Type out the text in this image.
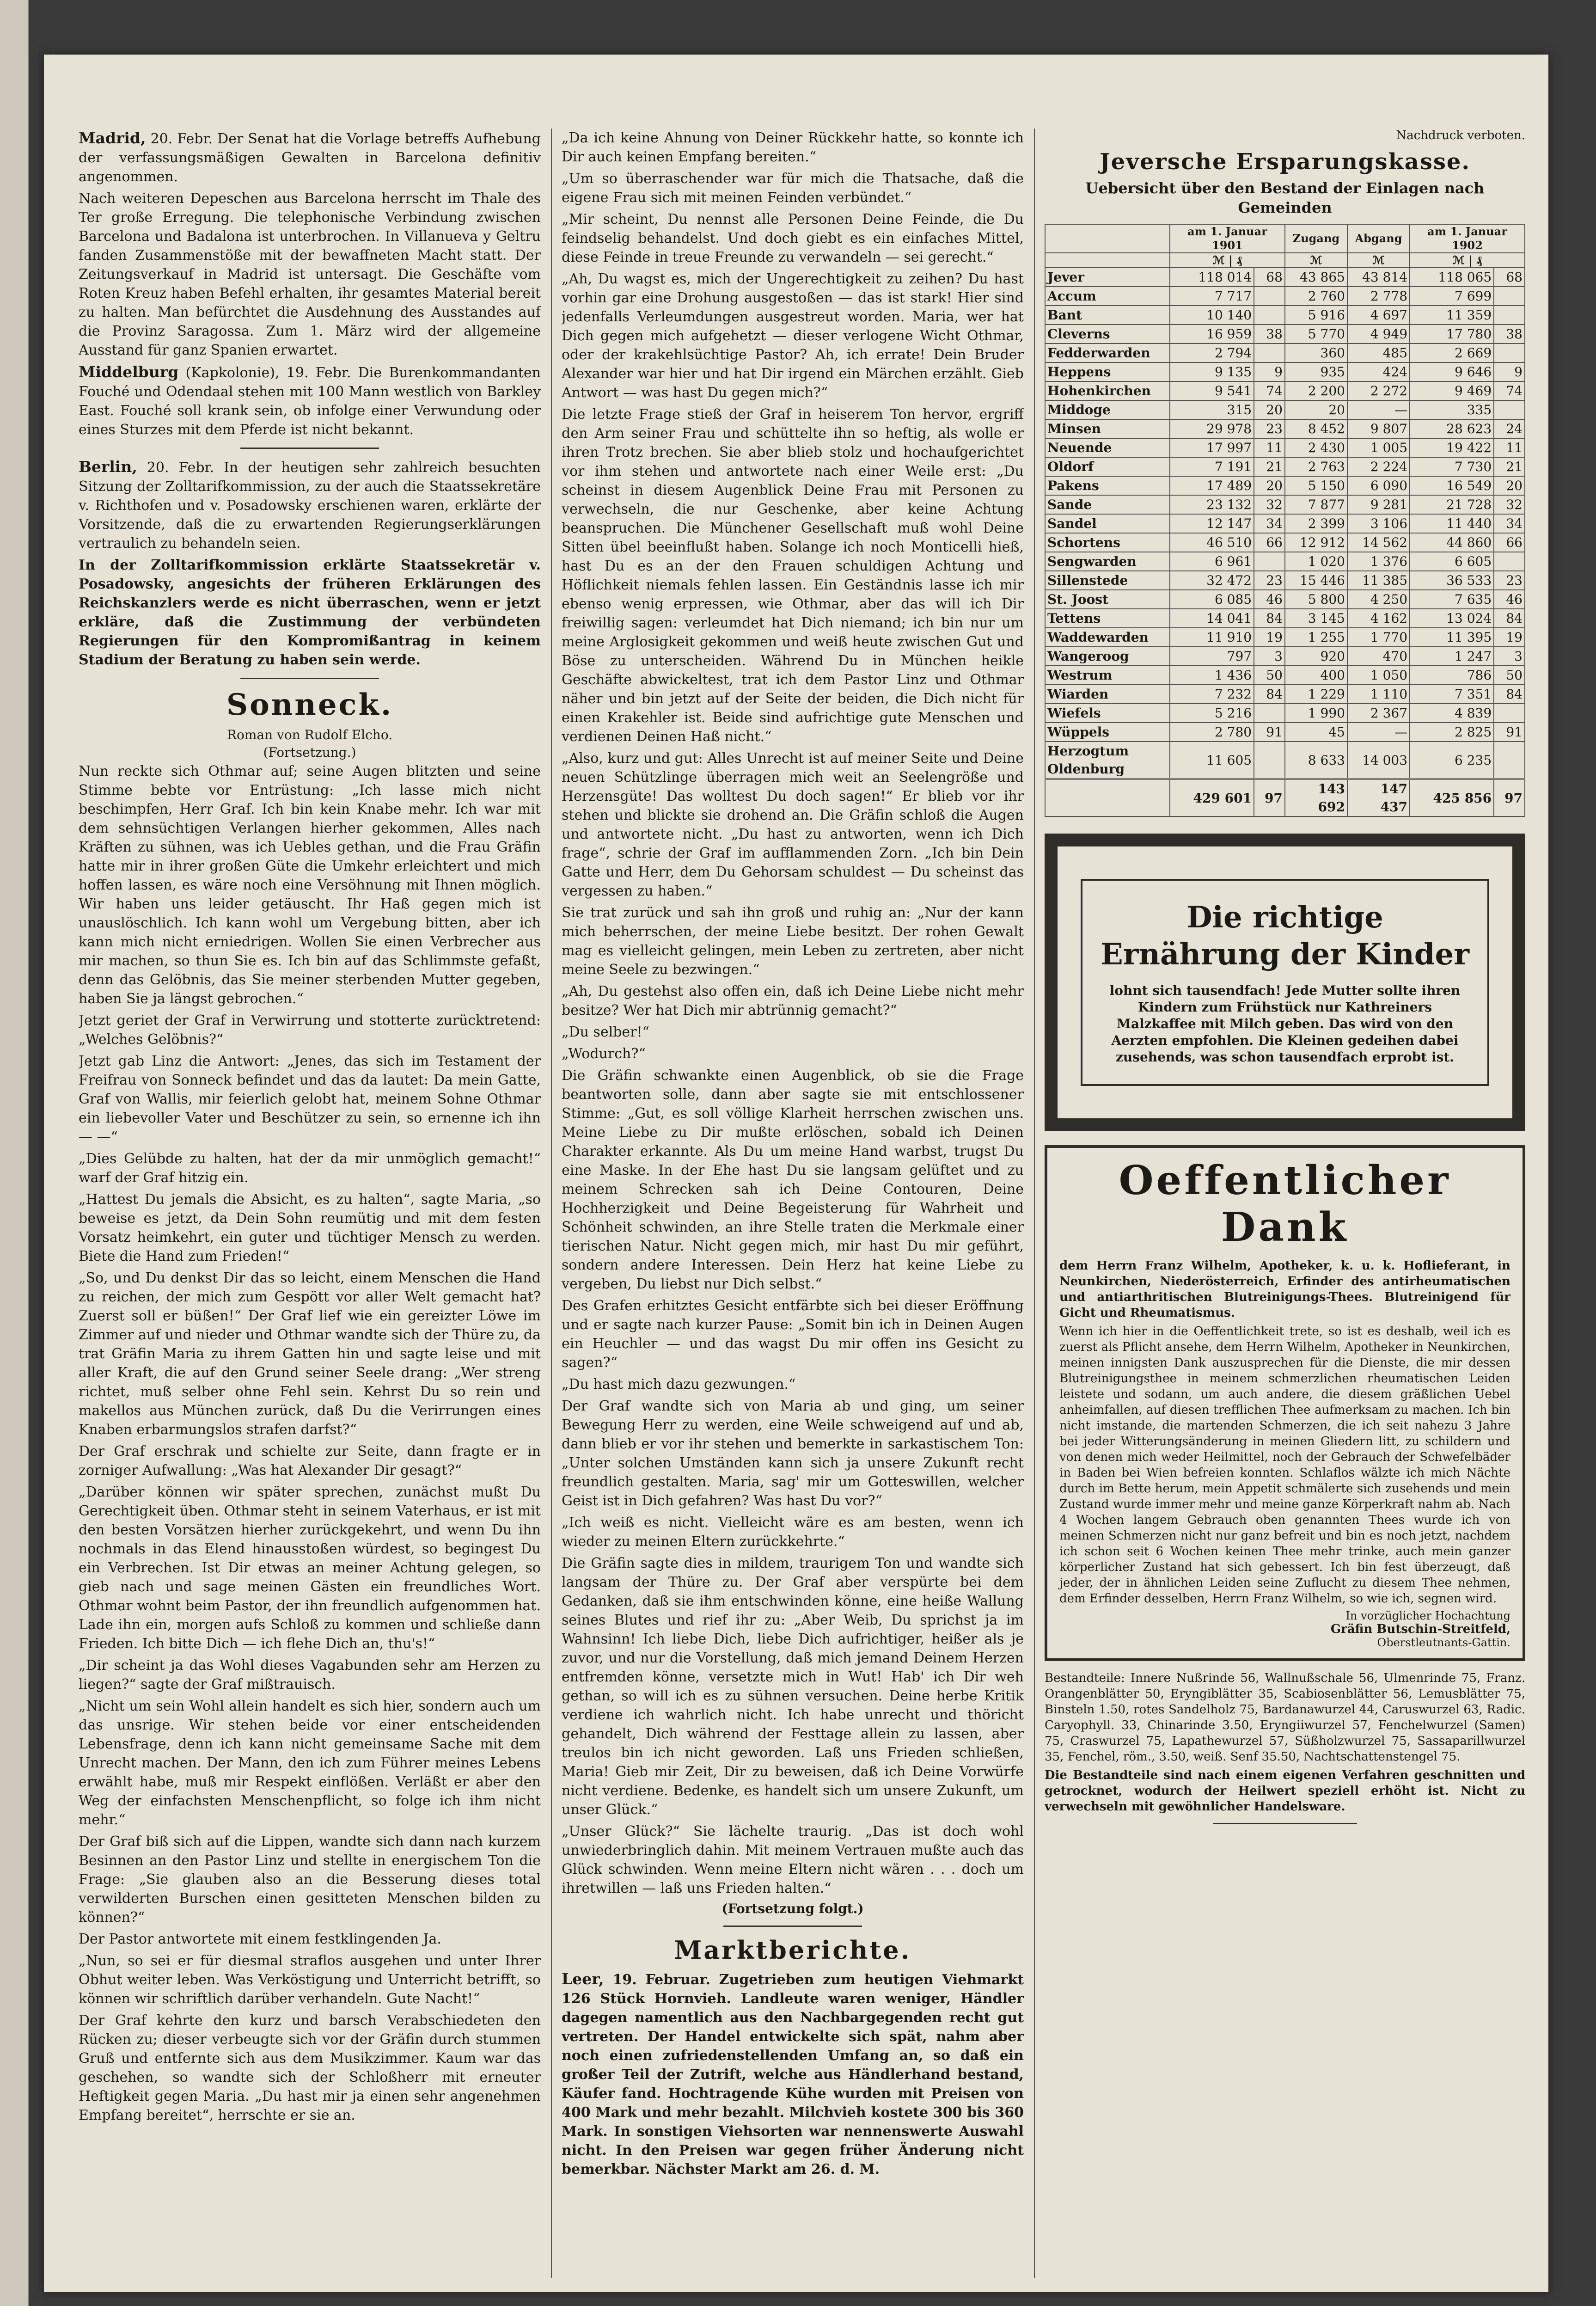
Madrid, 20. Febr. Der Senat hat die Vorlage betreffs Aufhebung der verfassungsmäßigen Gewalten in Barcelona definitiv angenommen.

Nach weiteren Depeschen aus Barcelona herrscht im Thale des Ter große Erregung. Die telephonische Verbindung zwischen Barcelona und Badalona ist unterbrochen. In Villanueva y Geltru fanden Zusammenstöße mit der bewaffneten Macht statt. Der Zeitungsverkauf in Madrid ist untersagt. Die Geschäfte vom Roten Kreuz haben Befehl erhalten, ihr gesamtes Material bereit zu halten. Man befürchtet die Ausdehnung des Ausstandes auf die Provinz Saragossa. Zum 1. März wird der allgemeine Ausstand für ganz Spanien erwartet.

Middelburg (Kapkolonie), 19. Febr. Die Burenkommandanten Fouché und Odendaal stehen mit 100 Mann westlich von Barkley East. Fouché soll krank sein, ob infolge einer Verwundung oder eines Sturzes mit dem Pferde ist nicht bekannt.

Berlin, 20. Febr. In der heutigen sehr zahlreich besuchten Sitzung der Zolltarifkommission, zu der auch die Staatssekretäre v. Richthofen und v. Posadowsky erschienen waren, erklärte der Vorsitzende, daß die zu erwartenden Regierungserklärungen vertraulich zu behandeln seien.

In der Zolltarifkommission erklärte Staatssekretär v. Posadowsky, angesichts der früheren Erklärungen des Reichskanzlers werde es nicht überraschen, wenn er jetzt erkläre, daß die Zustimmung der verbündeten Regierungen für den Kompromißantrag in keinem Stadium der Beratung zu haben sein werde.

Sonneck.
Roman von Rudolf Elcho.
(Fortsetzung.)

Nun reckte sich Othmar auf; seine Augen blitzten und seine Stimme bebte vor Entrüstung: „Ich lasse mich nicht beschimpfen, Herr Graf. Ich bin kein Knabe mehr. Ich war mit dem sehnsüchtigen Verlangen hierher gekommen, Alles nach Kräften zu sühnen, was ich Uebles gethan, und die Frau Gräfin hatte mir in ihrer großen Güte die Umkehr erleichtert und mich hoffen lassen, es wäre noch eine Versöhnung mit Ihnen möglich. Wir haben uns leider getäuscht. Ihr Haß gegen mich ist unauslöschlich. Ich kann wohl um Vergebung bitten, aber ich kann mich nicht erniedrigen. Wollen Sie einen Verbrecher aus mir machen, so thun Sie es. Ich bin auf das Schlimmste gefaßt, denn das Gelöbnis, das Sie meiner sterbenden Mutter gegeben, haben Sie ja längst gebrochen.“

Jetzt geriet der Graf in Verwirrung und stotterte zurücktretend: „Welches Gelöbnis?“

Jetzt gab Linz die Antwort: „Jenes, das sich im Testament der Freifrau von Sonneck befindet und das da lautet: Da mein Gatte, Graf von Wallis, mir feierlich gelobt hat, meinem Sohne Othmar ein liebevoller Vater und Beschützer zu sein, so ernenne ich ihn — —“

„Dies Gelübde zu halten, hat der da mir unmöglich gemacht!“ warf der Graf hitzig ein.

„Hattest Du jemals die Absicht, es zu halten“, sagte Maria, „so beweise es jetzt, da Dein Sohn reumütig und mit dem festen Vorsatz heimkehrt, ein guter und tüchtiger Mensch zu werden. Biete die Hand zum Frieden!“

„So, und Du denkst Dir das so leicht, einem Menschen die Hand zu reichen, der mich zum Gespött vor aller Welt gemacht hat? Zuerst soll er büßen!“ Der Graf lief wie ein gereizter Löwe im Zimmer auf und nieder und Othmar wandte sich der Thüre zu, da trat Gräfin Maria zu ihrem Gatten hin und sagte leise und mit aller Kraft, die auf den Grund seiner Seele drang: „Wer streng richtet, muß selber ohne Fehl sein. Kehrst Du so rein und makellos aus München zurück, daß Du die Verirrungen eines Knaben erbarmungslos strafen darfst?“

Der Graf erschrak und schielte zur Seite, dann fragte er in zorniger Aufwallung: „Was hat Alexander Dir gesagt?“

„Darüber können wir später sprechen, zunächst mußt Du Gerechtigkeit üben. Othmar steht in seinem Vaterhaus, er ist mit den besten Vorsätzen hierher zurückgekehrt, und wenn Du ihn nochmals in das Elend hinausstoßen würdest, so begingest Du ein Verbrechen. Ist Dir etwas an meiner Achtung gelegen, so gieb nach und sage meinen Gästen ein freundliches Wort. Othmar wohnt beim Pastor, der ihn freundlich aufgenommen hat. Lade ihn ein, morgen aufs Schloß zu kommen und schließe dann Frieden. Ich bitte Dich — ich flehe Dich an, thu's!“

„Dir scheint ja das Wohl dieses Vagabunden sehr am Herzen zu liegen?“ sagte der Graf mißtrauisch.

„Nicht um sein Wohl allein handelt es sich hier, sondern auch um das unsrige. Wir stehen beide vor einer entscheidenden Lebensfrage, denn ich kann nicht gemeinsame Sache mit dem Unrecht machen. Der Mann, den ich zum Führer meines Lebens erwählt habe, muß mir Respekt einflößen. Verläßt er aber den Weg der einfachsten Menschenpflicht, so folge ich ihm nicht mehr.“

Der Graf biß sich auf die Lippen, wandte sich dann nach kurzem Besinnen an den Pastor Linz und stellte in energischem Ton die Frage: „Sie glauben also an die Besserung dieses total verwilderten Burschen einen gesitteten Menschen bilden zu können?“

Der Pastor antwortete mit einem festklingenden Ja.

„Nun, so sei er für diesmal straflos ausgehen und unter Ihrer Obhut weiter leben. Was Verköstigung und Unterricht betrifft, so können wir schriftlich darüber verhandeln. Gute Nacht!“

Der Graf kehrte den kurz und barsch Verabschiedeten den Rücken zu; dieser verbeugte sich vor der Gräfin durch stummen Gruß und entfernte sich aus dem Musikzimmer. Kaum war das geschehen, so wandte sich der Schloßherr mit erneuter Heftigkeit gegen Maria. „Du hast mir ja einen sehr angenehmen Empfang bereitet“, herrschte er sie an.

„Da ich keine Ahnung von Deiner Rückkehr hatte, so konnte ich Dir auch keinen Empfang bereiten.“

„Um so überraschender war für mich die Thatsache, daß die eigene Frau sich mit meinen Feinden verbündet.“

„Mir scheint, Du nennst alle Personen Deine Feinde, die Du feindselig behandelst. Und doch giebt es ein einfaches Mittel, diese Feinde in treue Freunde zu verwandeln — sei gerecht.“

„Ah, Du wagst es, mich der Ungerechtigkeit zu zeihen? Du hast vorhin gar eine Drohung ausgestoßen — das ist stark! Hier sind jedenfalls Verleumdungen ausgestreut worden. Maria, wer hat Dich gegen mich aufgehetzt — dieser verlogene Wicht Othmar, oder der krakehlsüchtige Pastor? Ah, ich errate! Dein Bruder Alexander war hier und hat Dir irgend ein Märchen erzählt. Gieb Antwort — was hast Du gegen mich?“

Die letzte Frage stieß der Graf in heiserem Ton hervor, ergriff den Arm seiner Frau und schüttelte ihn so heftig, als wolle er ihren Trotz brechen. Sie aber blieb stolz und hochaufgerichtet vor ihm stehen und antwortete nach einer Weile erst: „Du scheinst in diesem Augenblick Deine Frau mit Personen zu verwechseln, die nur Geschenke, aber keine Achtung beanspruchen. Die Münchener Gesellschaft muß wohl Deine Sitten übel beeinflußt haben. Solange ich noch Monticelli hieß, hast Du es an der den Frauen schuldigen Achtung und Höflichkeit niemals fehlen lassen. Ein Geständnis lasse ich mir ebenso wenig erpressen, wie Othmar, aber das will ich Dir freiwillig sagen: verleumdet hat Dich niemand; ich bin nur um meine Arglosigkeit gekommen und weiß heute zwischen Gut und Böse zu unterscheiden. Während Du in München heikle Geschäfte abwickeltest, trat ich dem Pastor Linz und Othmar näher und bin jetzt auf der Seite der beiden, die Dich nicht für einen Krakehler ist. Beide sind aufrichtige gute Menschen und verdienen Deinen Haß nicht.“

„Also, kurz und gut: Alles Unrecht ist auf meiner Seite und Deine neuen Schützlinge überragen mich weit an Seelengröße und Herzensgüte! Das wolltest Du doch sagen!“ Er blieb vor ihr stehen und blickte sie drohend an. Die Gräfin schloß die Augen und antwortete nicht. „Du hast zu antworten, wenn ich Dich frage“, schrie der Graf im aufflammenden Zorn. „Ich bin Dein Gatte und Herr, dem Du Gehorsam schuldest — Du scheinst das vergessen zu haben.“

Sie trat zurück und sah ihn groß und ruhig an: „Nur der kann mich beherrschen, der meine Liebe besitzt. Der rohen Gewalt mag es vielleicht gelingen, mein Leben zu zertreten, aber nicht meine Seele zu bezwingen.“

„Ah, Du gestehst also offen ein, daß ich Deine Liebe nicht mehr besitze? Wer hat Dich mir abtrünnig gemacht?“

„Du selber!“

„Wodurch?“

Die Gräfin schwankte einen Augenblick, ob sie die Frage beantworten solle, dann aber sagte sie mit entschlossener Stimme: „Gut, es soll völlige Klarheit herrschen zwischen uns. Meine Liebe zu Dir mußte erlöschen, sobald ich Deinen Charakter erkannte. Als Du um meine Hand warbst, trugst Du eine Maske. In der Ehe hast Du sie langsam gelüftet und zu meinem Schrecken sah ich Deine Contouren, Deine Hochherzigkeit und Deine Begeisterung für Wahrheit und Schönheit schwinden, an ihre Stelle traten die Merkmale einer tierischen Natur. Nicht gegen mich, mir hast Du mir geführt, sondern andere Interessen. Dein Herz hat keine Liebe zu vergeben, Du liebst nur Dich selbst.“

Des Grafen erhitztes Gesicht entfärbte sich bei dieser Eröffnung und er sagte nach kurzer Pause: „Somit bin ich in Deinen Augen ein Heuchler — und das wagst Du mir offen ins Gesicht zu sagen?“

„Du hast mich dazu gezwungen.“

Der Graf wandte sich von Maria ab und ging, um seiner Bewegung Herr zu werden, eine Weile schweigend auf und ab, dann blieb er vor ihr stehen und bemerkte in sarkastischem Ton: „Unter solchen Umständen kann sich ja unsere Zukunft recht freundlich gestalten. Maria, sag' mir um Gotteswillen, welcher Geist ist in Dich gefahren? Was hast Du vor?“

„Ich weiß es nicht. Vielleicht wäre es am besten, wenn ich wieder zu meinen Eltern zurückkehrte.“

Die Gräfin sagte dies in mildem, traurigem Ton und wandte sich langsam der Thüre zu. Der Graf aber verspürte bei dem Gedanken, daß sie ihm entschwinden könne, eine heiße Wallung seines Blutes und rief ihr zu: „Aber Weib, Du sprichst ja im Wahnsinn! Ich liebe Dich, liebe Dich aufrichtiger, heißer als je zuvor, und nur die Vorstellung, daß mich jemand Deinem Herzen entfremden könne, versetzte mich in Wut! Hab' ich Dir weh gethan, so will ich es zu sühnen versuchen. Deine herbe Kritik verdiene ich wahrlich nicht. Ich habe unrecht und thöricht gehandelt, Dich während der Festtage allein zu lassen, aber treulos bin ich nicht geworden. Laß uns Frieden schließen, Maria! Gieb mir Zeit, Dir zu beweisen, daß ich Deine Vorwürfe nicht verdiene. Bedenke, es handelt sich um unsere Zukunft, um unser Glück.“

„Unser Glück?“ Sie lächelte traurig. „Das ist doch wohl unwiederbringlich dahin. Mit meinem Vertrauen mußte auch das Glück schwinden. Wenn meine Eltern nicht wären . . . doch um ihretwillen — laß uns Frieden halten.“

(Fortsetzung folgt.)
Marktberichte.

Leer, 19. Februar. Zugetrieben zum heutigen Viehmarkt 126 Stück Hornvieh. Landleute waren weniger, Händler dagegen namentlich aus den Nachbargegenden recht gut vertreten. Der Handel entwickelte sich spät, nahm aber noch einen zufriedenstellenden Umfang an, so daß ein großer Teil der Zutrift, welche aus Händlerhand bestand, Käufer fand. Hochtragende Kühe wurden mit Preisen von 400 Mark und mehr bezahlt. Milchvieh kostete 300 bis 360 Mark. In sonstigen Viehsorten war nennenswerte Auswahl nicht. In den Preisen war gegen früher Änderung nicht bemerkbar. Nächster Markt am 26. d. M.

Nachdruck verboten.
Jeversche Ersparungskasse.
Uebersicht über den Bestand der Einlagen nach Gemeinden
	am 1. Januar 1901		Zugang	Abgang	am 1. Januar 1902	
	ℳ | ₰		ℳ	ℳ	ℳ | ₰	
Jever	118 014	68	43 865	43 814	118 065	68
Accum	7 717		2 760	2 778	7 699	
Bant	10 140		5 916	4 697	11 359	
Cleverns	16 959	38	5 770	4 949	17 780	38
Fedderwarden	2 794		360	485	2 669	
Heppens	9 135	9	935	424	9 646	9
Hohenkirchen	9 541	74	2 200	2 272	9 469	74
Middoge	315	20	20	—	335	
Minsen	29 978	23	8 452	9 807	28 623	24
Neuende	17 997	11	2 430	1 005	19 422	11
Oldorf	7 191	21	2 763	2 224	7 730	21
Pakens	17 489	20	5 150	6 090	16 549	20
Sande	23 132	32	7 877	9 281	21 728	32
Sandel	12 147	34	2 399	3 106	11 440	34
Schortens	46 510	66	12 912	14 562	44 860	66
Sengwarden	6 961		1 020	1 376	6 605	
Sillenstede	32 472	23	15 446	11 385	36 533	23
St. Joost	6 085	46	5 800	4 250	7 635	46
Tettens	14 041	84	3 145	4 162	13 024	84
Waddewarden	11 910	19	1 255	1 770	11 395	19
Wangeroog	797	3	920	470	1 247	3
Westrum	1 436	50	400	1 050	786	50
Wiarden	7 232	84	1 229	1 110	7 351	84
Wiefels	5 216		1 990	2 367	4 839	
Wüppels	2 780	91	45	—	2 825	91
Herzogtum Oldenburg	11 605		8 633	14 003	6 235	
	429 601	97	143 692	147 437	425 856	97
Die richtige Ernährung der Kinder
lohnt sich tausendfach! Jede Mutter sollte ihren Kindern zum Frühstück nur Kathreiners Malzkaffee mit Milch geben. Das wird von den Aerzten empfohlen. Die Kleinen gedeihen dabei zusehends, was schon tausendfach erprobt ist.
Oeffentlicher Dank

dem Herrn Franz Wilhelm, Apotheker, k. u. k. Hoflieferant, in Neunkirchen, Niederösterreich, Erfinder des antirheumatischen und antiarthritischen Blutreinigungs-Thees. Blutreinigend für Gicht und Rheumatismus.

Wenn ich hier in die Oeffentlichkeit trete, so ist es deshalb, weil ich es zuerst als Pflicht ansehe, dem Herrn Wilhelm, Apotheker in Neunkirchen, meinen innigsten Dank auszusprechen für die Dienste, die mir dessen Blutreinigungsthee in meinem schmerzlichen rheumatischen Leiden leistete und sodann, um auch andere, die diesem gräßlichen Uebel anheimfallen, auf diesen trefflichen Thee aufmerksam zu machen. Ich bin nicht imstande, die martenden Schmerzen, die ich seit nahezu 3 Jahre bei jeder Witterungsänderung in meinen Gliedern litt, zu schildern und von denen mich weder Heilmittel, noch der Gebrauch der Schwefelbäder in Baden bei Wien befreien konnten. Schlaflos wälzte ich mich Nächte durch im Bette herum, mein Appetit schmälerte sich zusehends und mein Zustand wurde immer mehr und meine ganze Körperkraft nahm ab. Nach 4 Wochen langem Gebrauch oben genannten Thees wurde ich von meinen Schmerzen nicht nur ganz befreit und bin es noch jetzt, nachdem ich schon seit 6 Wochen keinen Thee mehr trinke, auch mein ganzer körperlicher Zustand hat sich gebessert. Ich bin fest überzeugt, daß jeder, der in ähnlichen Leiden seine Zuflucht zu diesem Thee nehmen, dem Erfinder desselben, Herrn Franz Wilhelm, so wie ich, segnen wird.

In vorzüglicher Hochachtung
Gräfin Butschin-Streitfeld,
Oberstleutnants-Gattin.

Bestandteile: Innere Nußrinde 56, Wallnußschale 56, Ulmenrinde 75, Franz. Orangenblätter 50, Eryngiblätter 35, Scabiosenblätter 56, Lemusblätter 75, Binsteln 1.50, rotes Sandelholz 75, Bardanawurzel 44, Caruswurzel 63, Radic. Caryophyll. 33, Chinarinde 3.50, Eryngiiwurzel 57, Fenchelwurzel (Samen) 75, Craswurzel 75, Lapathewurzel 57, Süßholzwurzel 75, Sassaparillwurzel 35, Fenchel, röm., 3.50, weiß. Senf 35.50, Nachtschattenstengel 75.

Die Bestandteile sind nach einem eigenen Verfahren geschnitten und getrocknet, wodurch der Heilwert speziell erhöht ist. Nicht zu verwechseln mit gewöhnlicher Handelsware.
